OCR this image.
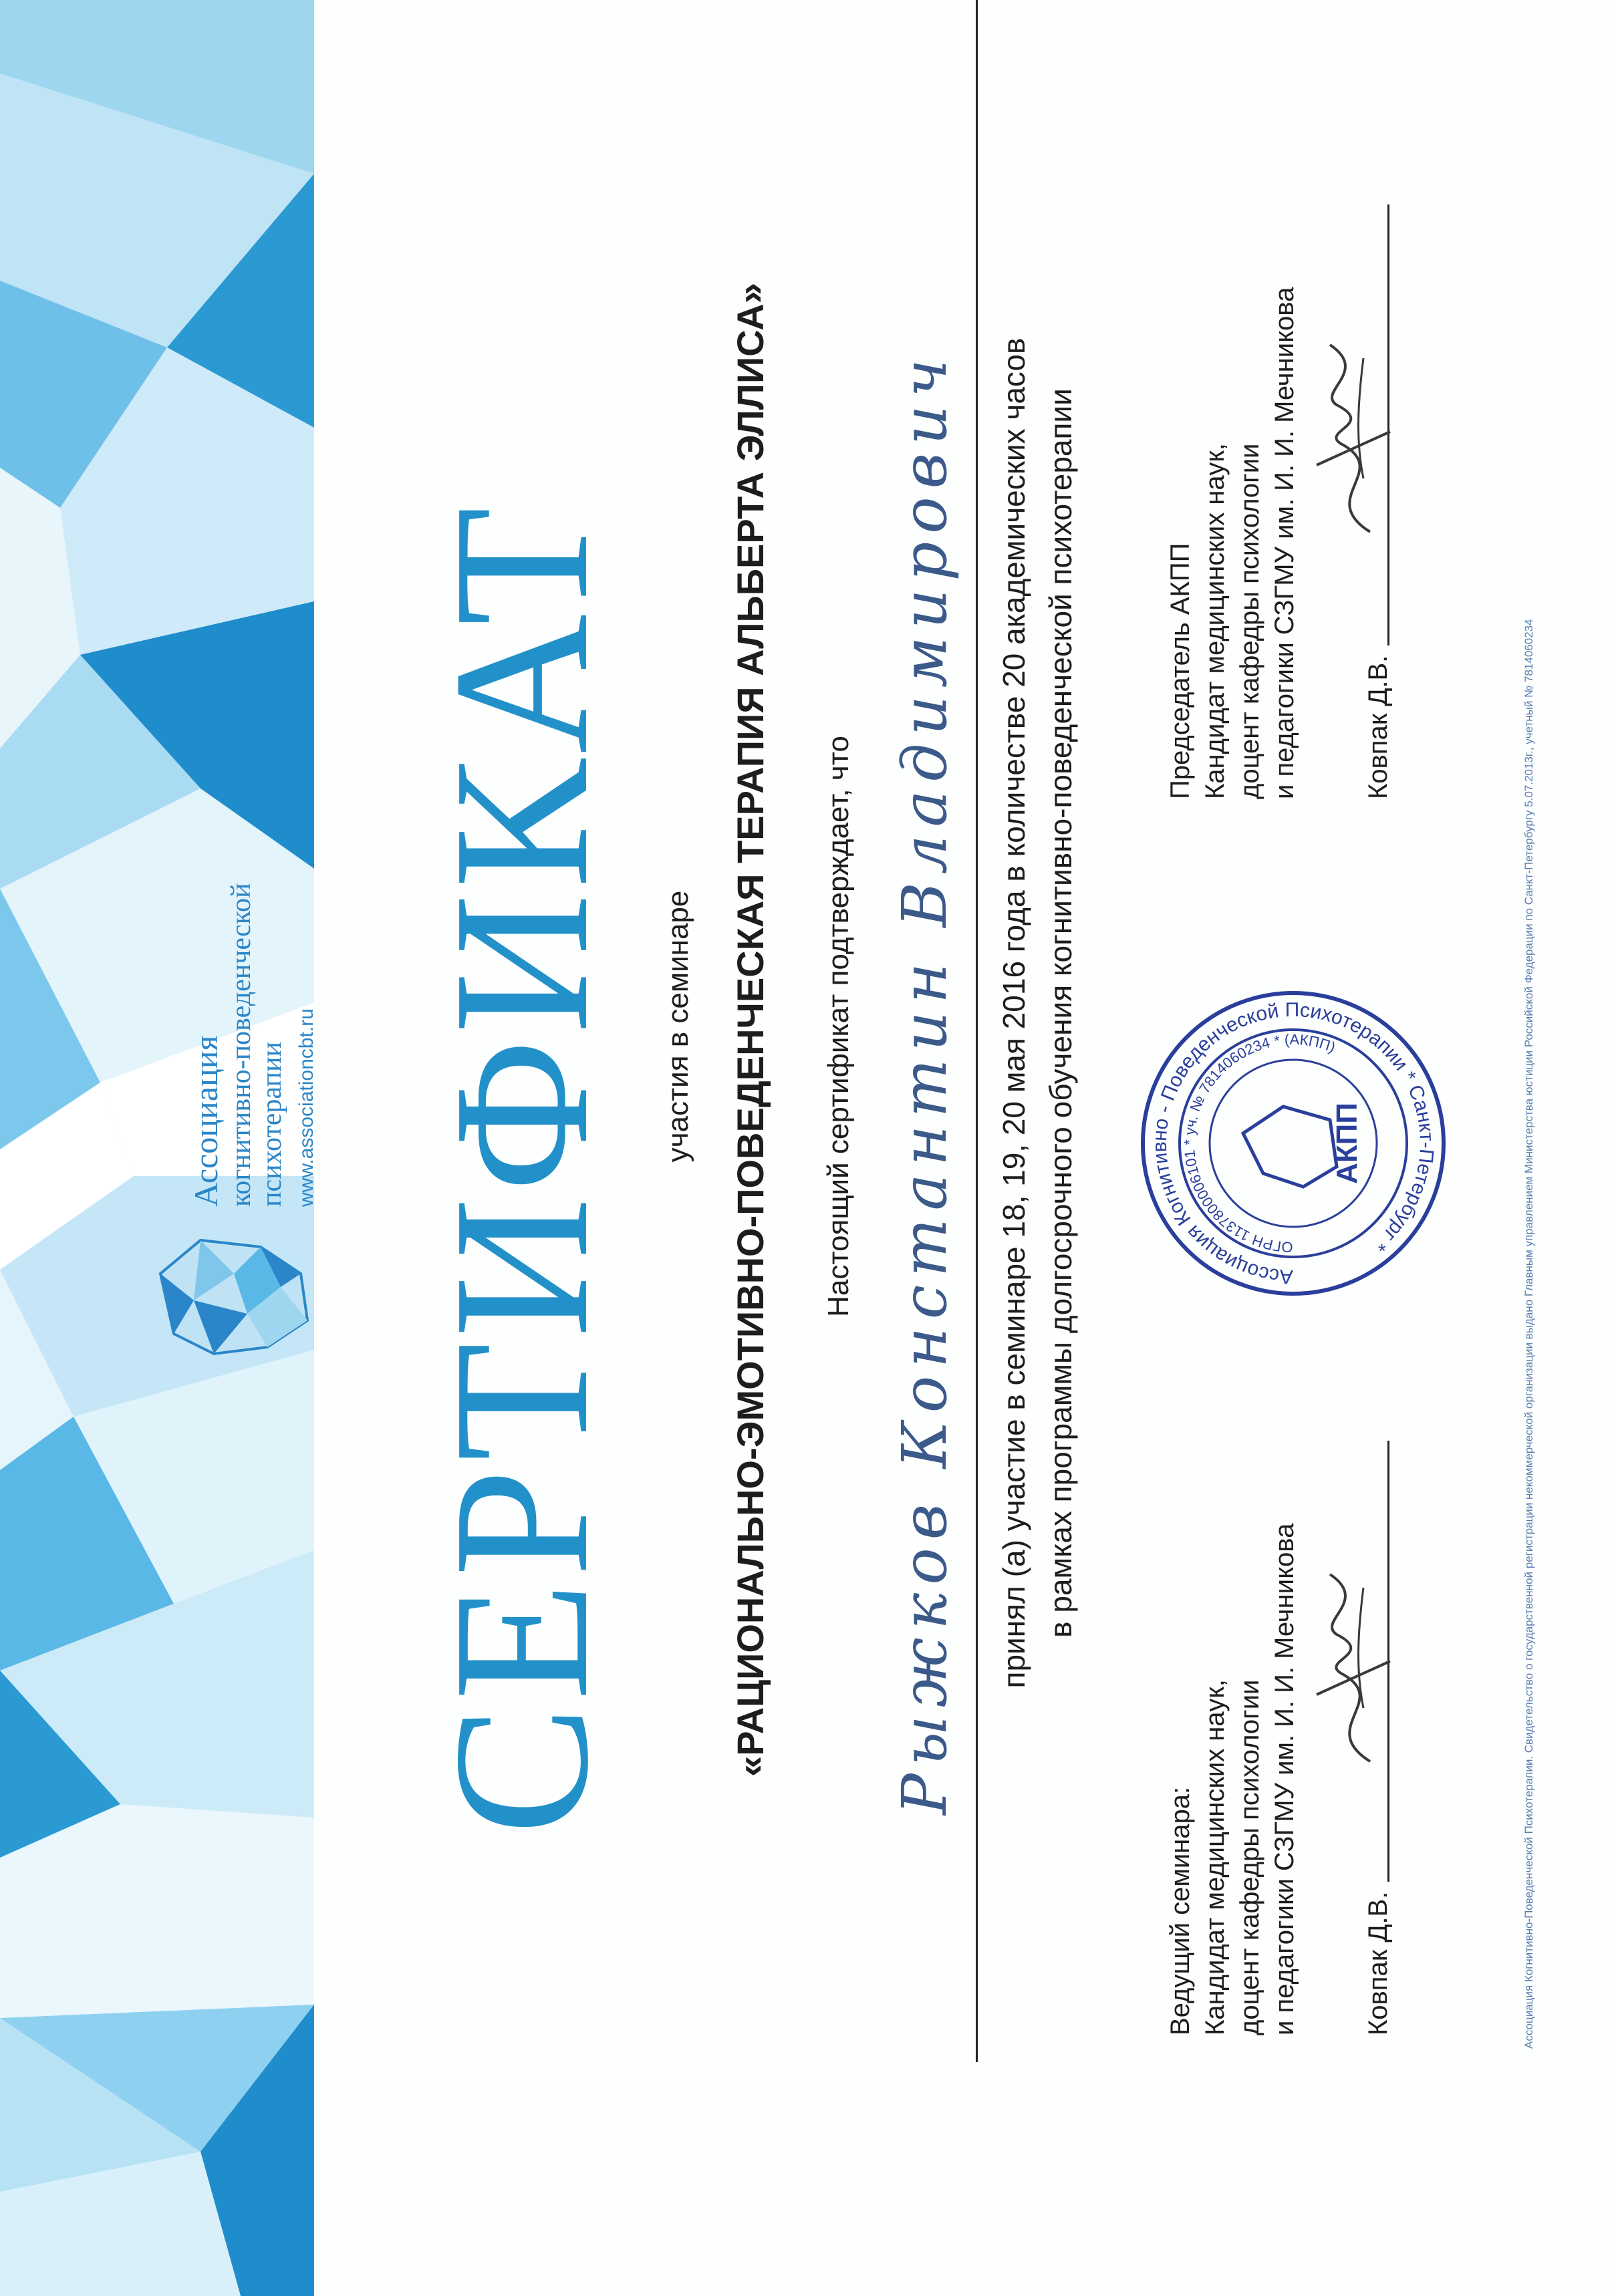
Ассоциация когнитивно-поведенческой психотерапии www.associationcbt.ru СЕРТИФИКАТ участия в семинаре «РАЦИОНАЛЬНО-ЭМОТИВНО-ПОВЕДЕНЧЕСКАЯ ТЕРАПИЯ АЛЬБЕРТА ЭЛЛИСА» Настоящий сертификат подтверждает, что Рыжков Константин Владимирович принял (а) участие в семинаре 18, 19, 20 мая 2016 года в количестве 20 академических часов в рамках программы долгосрочного обучения когнитивно-поведенческой психотерапии
Ведущий семинара: Кандидат медицинских наук, доцент кафедры психологии и педагогики СЗГМУ им. И. И. Мечникова Ковпак Д.В.
Председатель АКПП Кандидат медицинских наук, доцент кафедры психологии и педагогики СЗГМУ им. И. И. Мечникова Ковпак Д.В.
Ассоциация Когнитивно - Поведенческой Психотерапии * Санкт-Петербург *
ОГРН 1137800006101 * уч. № 7814060234 * (АКПП)
АКПП	Ассоциация Когнитивно-Поведенческой Психотерапии. Свидетельство о государственной регистрации некоммерческой организации выдано Главным управлением Министерства юстиции Российской Федерации по Санкт-Петербургу 5.07.2013г., учетный № 7814060234
